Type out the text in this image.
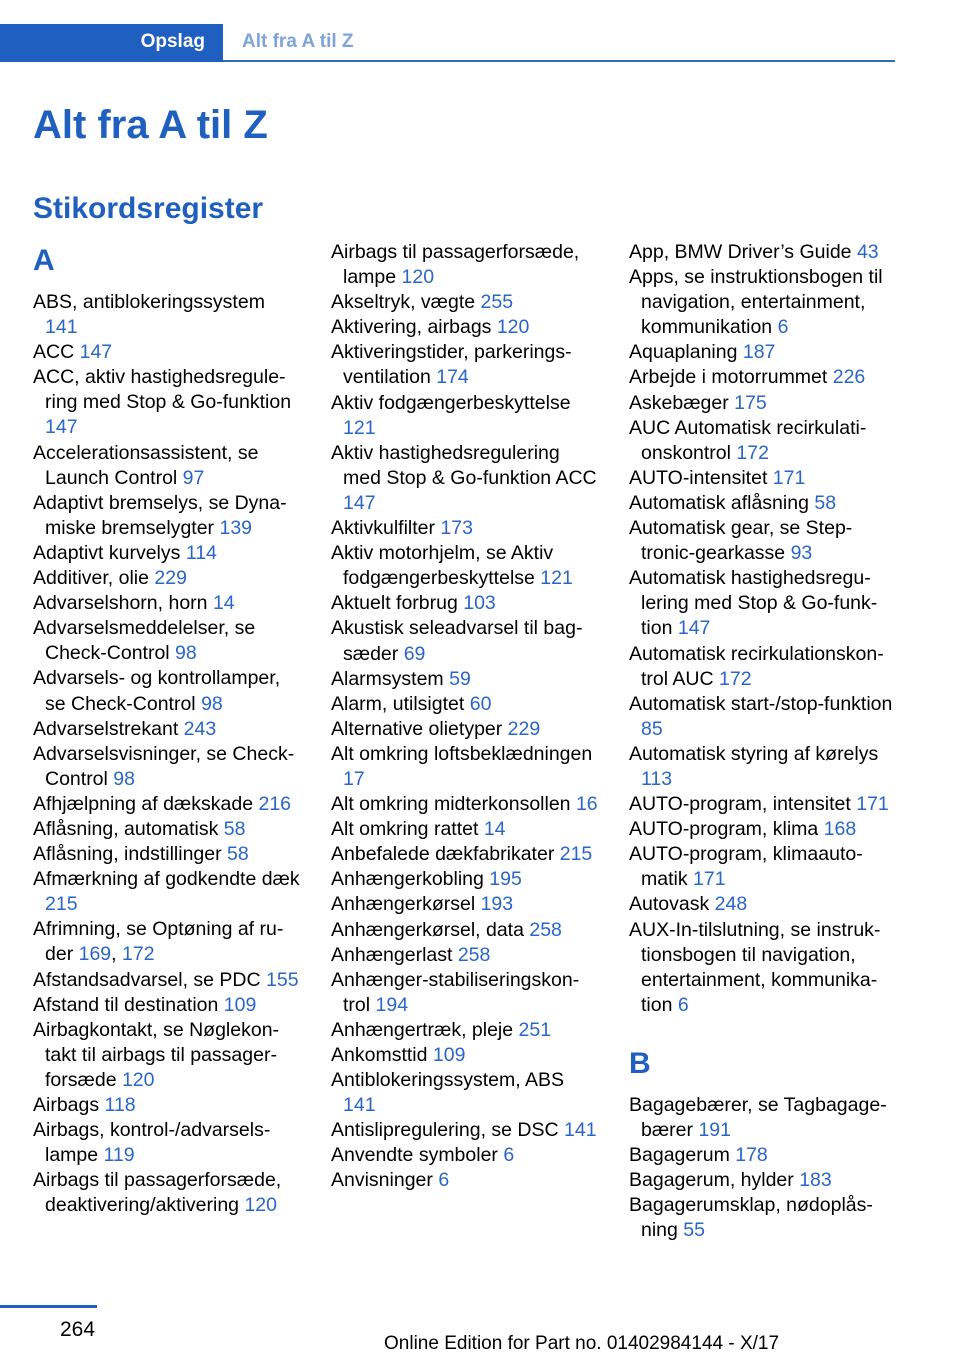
Opslag	Alt fra A til Z
Alt fra A til Z
Stikordsregister
A
ABS, antiblokeringssystem 141
ACC 147
ACC, aktiv hastighedsregulering med Stop & Go-funktion 147
Accelerationsassistent, se Launch Control 97
Adaptivt bremselys, se Dynamiske bremselygter 139
Adaptivt kurvelys 114
Additiver, olie 229
Advarselshorn, horn 14
Advarselsmeddelelser, se Check-Control 98
Advarsels- og kontrollamper, se Check-Control 98
Advarselstrekant 243
Advarselsvisninger, se Check-Control 98
Afhjælpning af dækskade 216
Aflåsning, automatisk 58
Aflåsning, indstillinger 58
Afmærkning af godkendte dæk 215
Afrimning, se Optøning af ruder 169, 172
Afstandsadvarsel, se PDC 155
Afstand til destination 109
Airbagkontakt, se Nøglekontakt til airbags til passagerforsæde 120
Airbags 118
Airbags, kontrol-/advarselslampe 119
Airbags til passagerforsæde, deaktivering/aktivering 120
Airbags til passagerforsæde, lampe 120
Akseltryk, vægte 255
Aktivering, airbags 120
Aktiveringstider, parkeringsventilation 174
Aktiv fodgængerbeskyttelse 121
Aktiv hastighedsregulering med Stop & Go-funktion ACC 147
Aktivkulfilter 173
Aktiv motorhjelm, se Aktiv fodgængerbeskyttelse 121
Aktuelt forbrug 103
Akustisk seleadvarsel til bagsæder 69
Alarmsystem 59
Alarm, utilsigtet 60
Alternative olietyper 229
Alt omkring loftsbeklædningen 17
Alt omkring midterkonsollen 16
Alt omkring rattet 14
Anbefalede dækfabrikater 215
Anhængerkobling 195
Anhængerkørsel 193
Anhængerkørsel, data 258
Anhængerlast 258
Anhænger-stabiliseringskontrol 194
Anhængertræk, pleje 251
Ankomsttid 109
Antiblokeringssystem, ABS 141
Antislipregulering, se DSC 141
Anvendte symboler 6
Anvisninger 6
App, BMW Driver’s Guide 43
Apps, se instruktionsbogen til navigation, entertainment, kommunikation 6
Aquaplaning 187
Arbejde i motorrummet 226
Askebæger 175
AUC Automatisk recirkulationskontrol 172
AUTO-intensitet 171
Automatisk aflåsning 58
Automatisk gear, se Steptronic-gearkasse 93
Automatisk hastighedsregulering med Stop & Go-funktion 147
Automatisk recirkulationskontrol AUC 172
Automatisk start-/stop-funktion 85
Automatisk styring af kørelys 113
AUTO-program, intensitet 171
AUTO-program, klima 168
AUTO-program, klimaautomatik 171
Autovask 248
AUX-In-tilslutning, se instruktionsbogen til navigation, entertainment, kommunikation 6
B
Bagagebærer, se Tagbagagebærer 191
Bagagerum 178
Bagagerum, hylder 183
Bagagerumsklap, nødoplåsning 55
264
Online Edition for Part no. 01402984144 - X/17
